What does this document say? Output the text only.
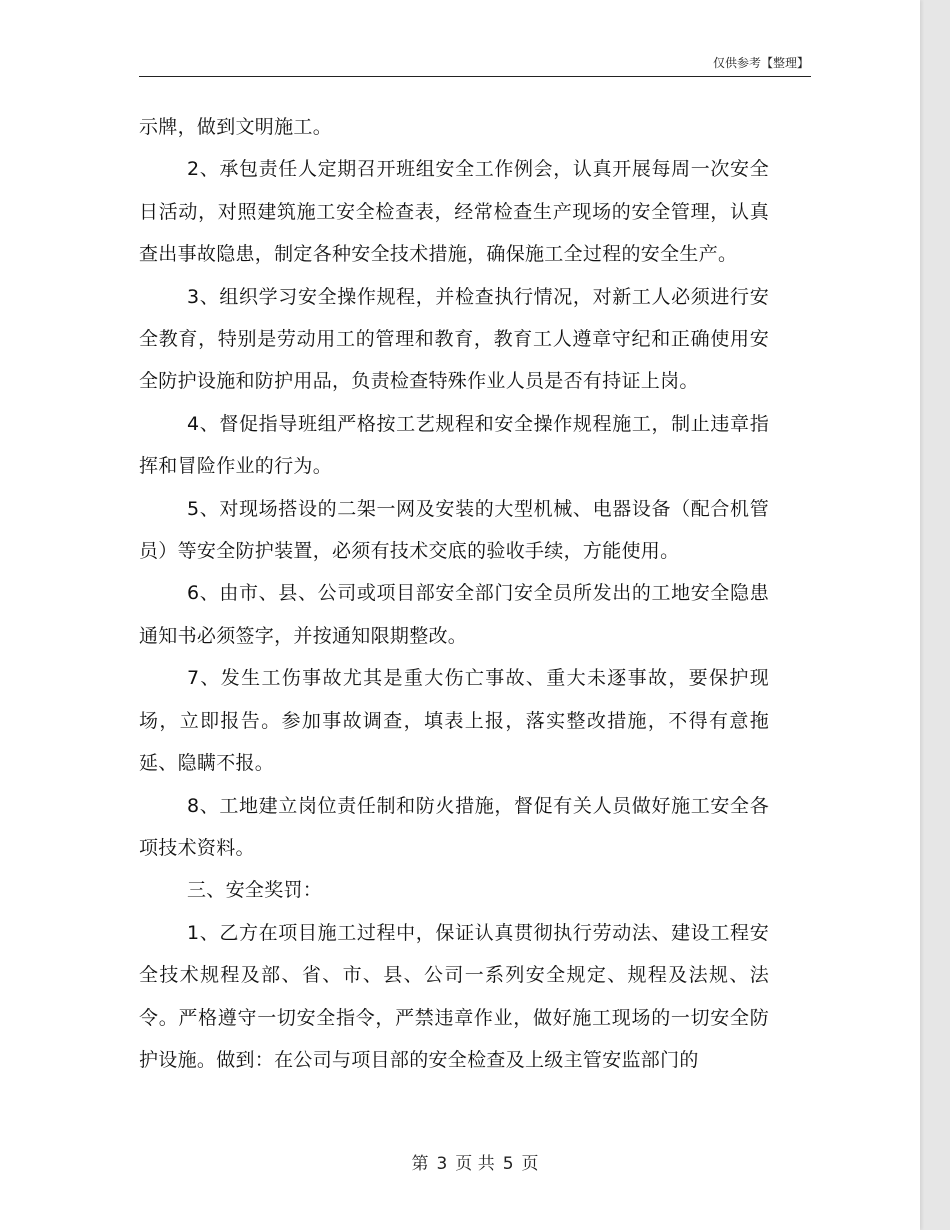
仅供参考【整理】

示牌，做到文明施工。

2、承包责任人定期召开班组安全工作例会，认真开展每周一次安全日活动，对照建筑施工安全检查表，经常检查生产现场的安全管理，认真查出事故隐患，制定各种安全技术措施，确保施工全过程的安全生产。

3、组织学习安全操作规程，并检查执行情况，对新工人必须进行安全教育，特别是劳动用工的管理和教育，教育工人遵章守纪和正确使用安全防护设施和防护用品，负责检查特殊作业人员是否有持证上岗。

4、督促指导班组严格按工艺规程和安全操作规程施工，制止违章指挥和冒险作业的行为。

5、对现场搭设的二架一网及安装的大型机械、电器设备（配合机管员）等安全防护装置，必须有技术交底的验收手续，方能使用。

6、由市、县、公司或项目部安全部门安全员所发出的工地安全隐患通知书必须签字，并按通知限期整改。

7、发生工伤事故尤其是重大伤亡事故、重大未逐事故，要保护现场，立即报告。参加事故调查，填表上报，落实整改措施，不得有意拖延、隐瞒不报。

8、工地建立岗位责任制和防火措施，督促有关人员做好施工安全各项技术资料。

三、安全奖罚：

1、乙方在项目施工过程中，保证认真贯彻执行劳动法、建设工程安全技术规程及部、省、市、县、公司一系列安全规定、规程及法规、法令。严格遵守一切安全指令，严禁违章作业，做好施工现场的一切安全防护设施。做到：在公司与项目部的安全检查及上级主管安监部门的

第 3 页 共 5 页
